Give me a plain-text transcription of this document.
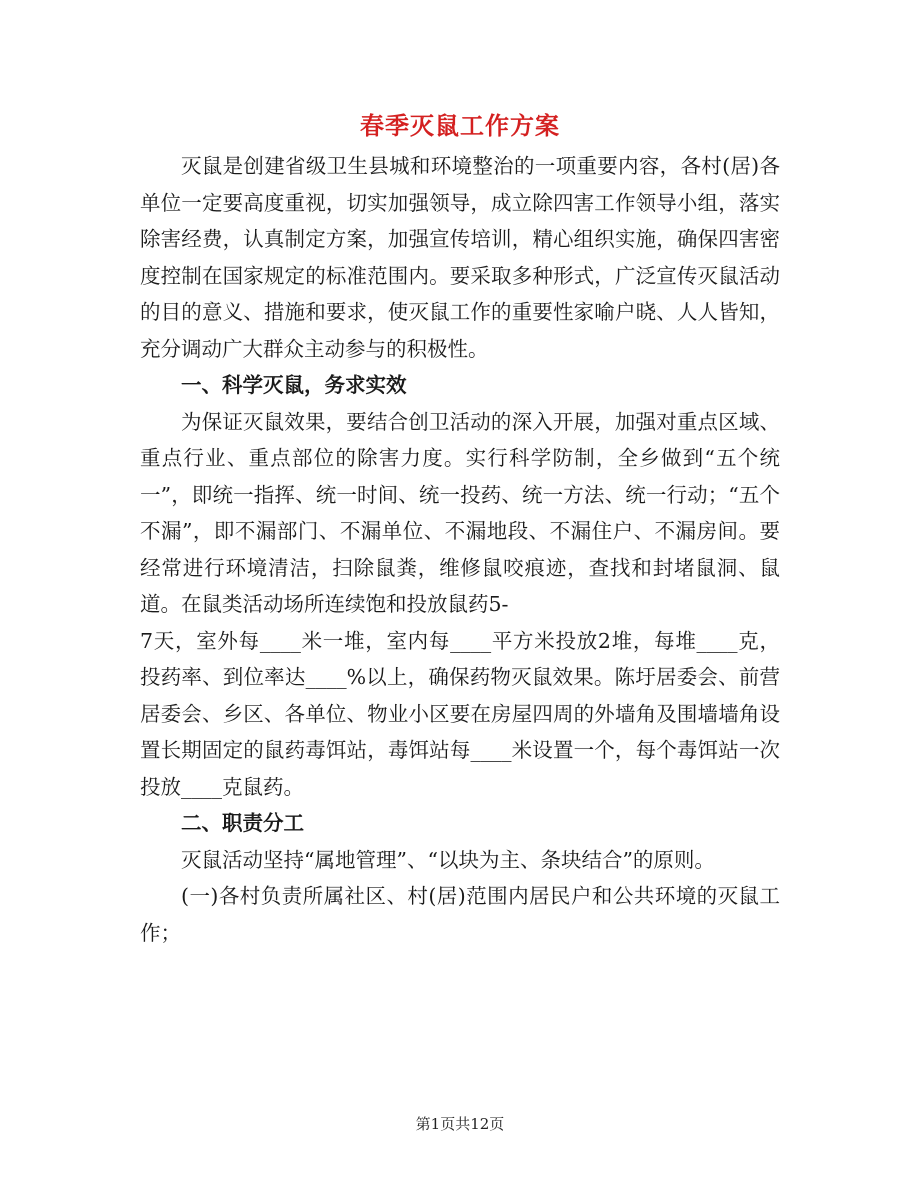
春季灭鼠工作方案

灭鼠是创建省级卫生县城和环境整治的一项重要内容，各村(居)各单位一定要高度重视，切实加强领导，成立除四害工作领导小组，落实除害经费，认真制定方案，加强宣传培训，精心组织实施，确保四害密度控制在国家规定的标准范围内。要采取多种形式，广泛宣传灭鼠活动的目的意义、措施和要求，使灭鼠工作的重要性家喻户晓、人人皆知，充分调动广大群众主动参与的积极性。

一、科学灭鼠，务求实效

为保证灭鼠效果，要结合创卫活动的深入开展，加强对重点区域、重点行业、重点部位的除害力度。实行科学防制，全乡做到“五个统一”，即统一指挥、统一时间、统一投药、统一方法、统一行动；“五个不漏”，即不漏部门、不漏单位、不漏地段、不漏住户、不漏房间。要经常进行环境清洁，扫除鼠粪，维修鼠咬痕迹，查找和封堵鼠洞、鼠道。在鼠类活动场所连续饱和投放鼠药5-

7天，室外每____米一堆，室内每____平方米投放2堆，每堆____克，投药率、到位率达____%以上，确保药物灭鼠效果。陈圩居委会、前营居委会、乡区、各单位、物业小区要在房屋四周的外墙角及围墙墙角设置长期固定的鼠药毒饵站，毒饵站每____米设置一个，每个毒饵站一次投放____克鼠药。

二、职责分工

灭鼠活动坚持“属地管理”、“以块为主、条块结合”的原则。

(一)各村负责所属社区、村(居)范围内居民户和公共环境的灭鼠工作；

第1页共12页
